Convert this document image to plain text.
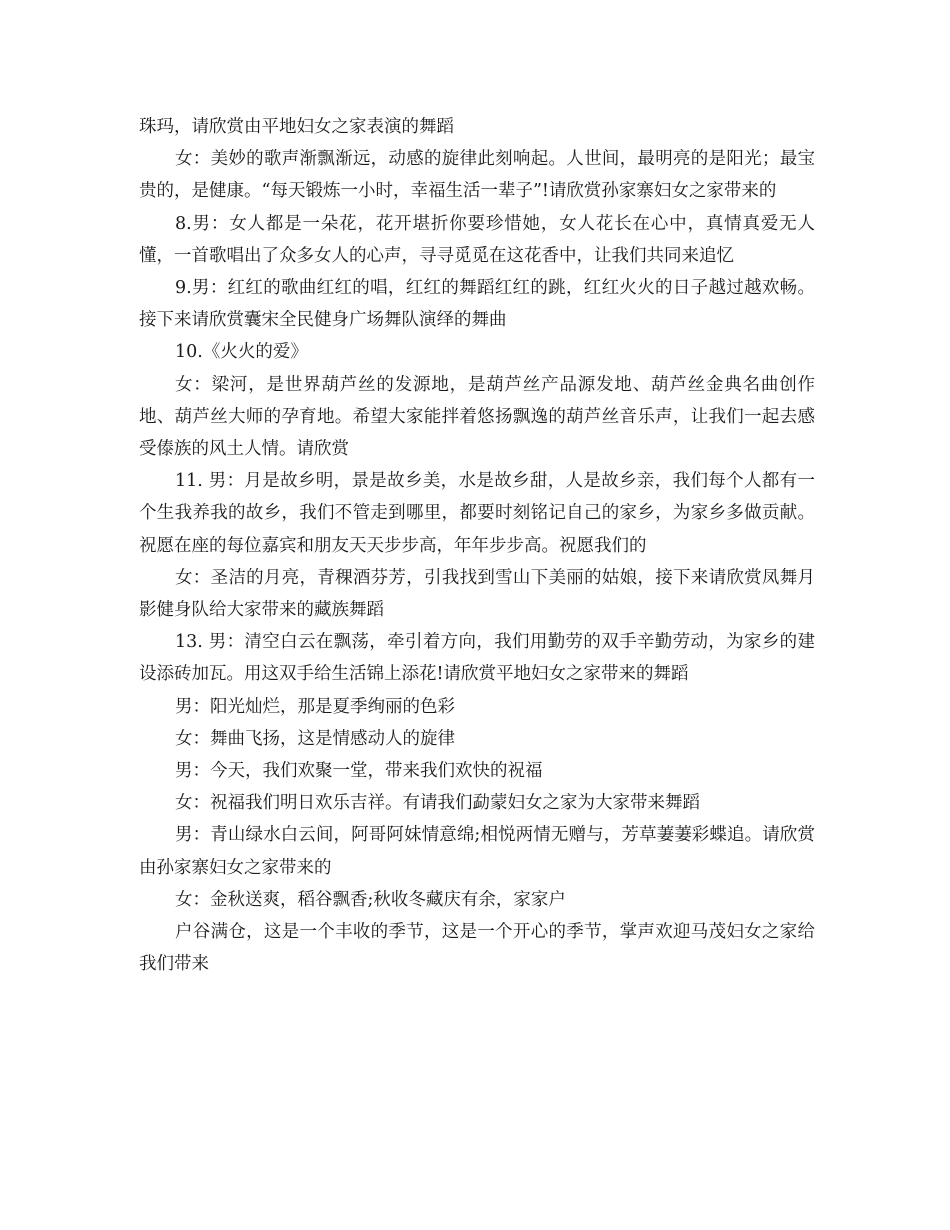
珠玛，请欣赏由平地妇女之家表演的舞蹈

女：美妙的歌声渐飘渐远，动感的旋律此刻响起。人世间，最明亮的是阳光；最宝贵的，是健康。“每天锻炼一小时，幸福生活一辈子”!请欣赏孙家寨妇女之家带来的

8.男：女人都是一朵花，花开堪折你要珍惜她，女人花长在心中，真情真爱无人懂，一首歌唱出了众多女人的心声，寻寻觅觅在这花香中，让我们共同来追忆

9.男：红红的歌曲红红的唱，红红的舞蹈红红的跳，红红火火的日子越过越欢畅。接下来请欣赏囊宋全民健身广场舞队演绎的舞曲

10.《火火的爱》

女：梁河，是世界葫芦丝的发源地，是葫芦丝产品源发地、葫芦丝金典名曲创作地、葫芦丝大师的孕育地。希望大家能拌着悠扬飘逸的葫芦丝音乐声，让我们一起去感受傣族的风土人情。请欣赏

11. 男：月是故乡明，景是故乡美，水是故乡甜，人是故乡亲，我们每个人都有一个生我养我的故乡，我们不管走到哪里，都要时刻铭记自己的家乡，为家乡多做贡献。祝愿在座的每位嘉宾和朋友天天步步高，年年步步高。祝愿我们的

女：圣洁的月亮，青稞酒芬芳，引我找到雪山下美丽的姑娘，接下来请欣赏凤舞月影健身队给大家带来的藏族舞蹈

13. 男：清空白云在飘荡，牵引着方向，我们用勤劳的双手辛勤劳动，为家乡的建设添砖加瓦。用这双手给生活锦上添花!请欣赏平地妇女之家带来的舞蹈

男：阳光灿烂，那是夏季绚丽的色彩

女：舞曲飞扬，这是情感动人的旋律

男：今天，我们欢聚一堂，带来我们欢快的祝福

女：祝福我们明日欢乐吉祥。有请我们勐蒙妇女之家为大家带来舞蹈

男：青山绿水白云间，阿哥阿妹情意绵;相悦两情无赠与，芳草萋萋彩蝶追。请欣赏由孙家寨妇女之家带来的

女：金秋送爽，稻谷飘香;秋收冬藏庆有余，家家户

户谷满仓，这是一个丰收的季节，这是一个开心的季节，掌声欢迎马茂妇女之家给我们带来
